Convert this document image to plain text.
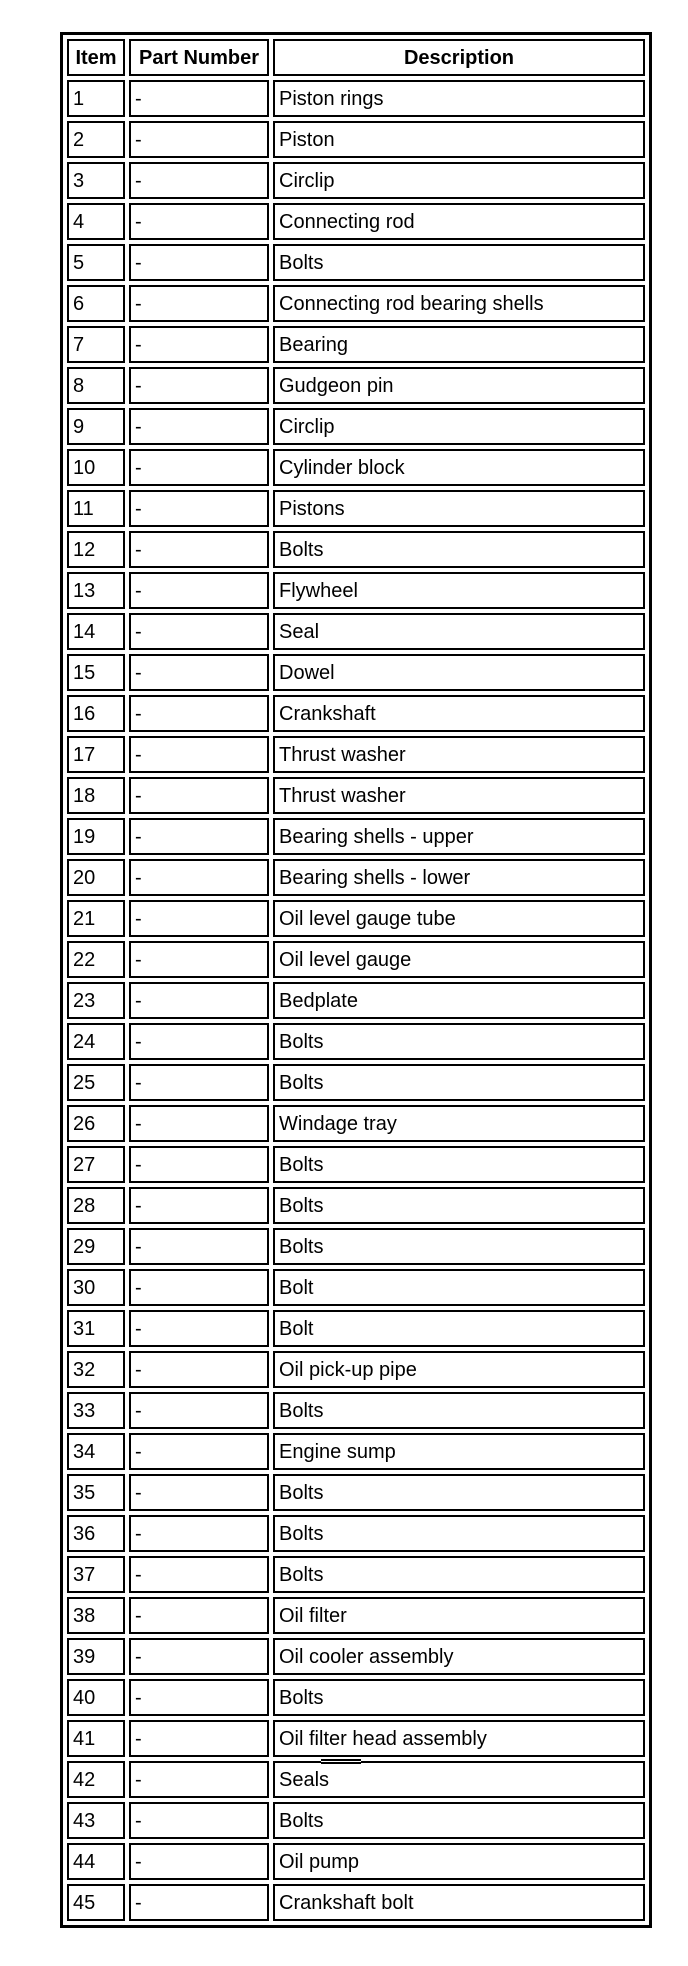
Item	Part Number	Description
1	-	Piston rings
2	-	Piston
3	-	Circlip
4	-	Connecting rod
5	-	Bolts
6	-	Connecting rod bearing shells
7	-	Bearing
8	-	Gudgeon pin
9	-	Circlip
10	-	Cylinder block
11	-	Pistons
12	-	Bolts
13	-	Flywheel
14	-	Seal
15	-	Dowel
16	-	Crankshaft
17	-	Thrust washer
18	-	Thrust washer
19	-	Bearing shells - upper
20	-	Bearing shells - lower
21	-	Oil level gauge tube
22	-	Oil level gauge
23	-	Bedplate
24	-	Bolts
25	-	Bolts
26	-	Windage tray
27	-	Bolts
28	-	Bolts
29	-	Bolts
30	-	Bolt
31	-	Bolt
32	-	Oil pick-up pipe
33	-	Bolts
34	-	Engine sump
35	-	Bolts
36	-	Bolts
37	-	Bolts
38	-	Oil filter
39	-	Oil cooler assembly
40	-	Bolts
41	-	Oil filter head assembly
42	-	Seals
43	-	Bolts
44	-	Oil pump
45	-	Crankshaft bolt
